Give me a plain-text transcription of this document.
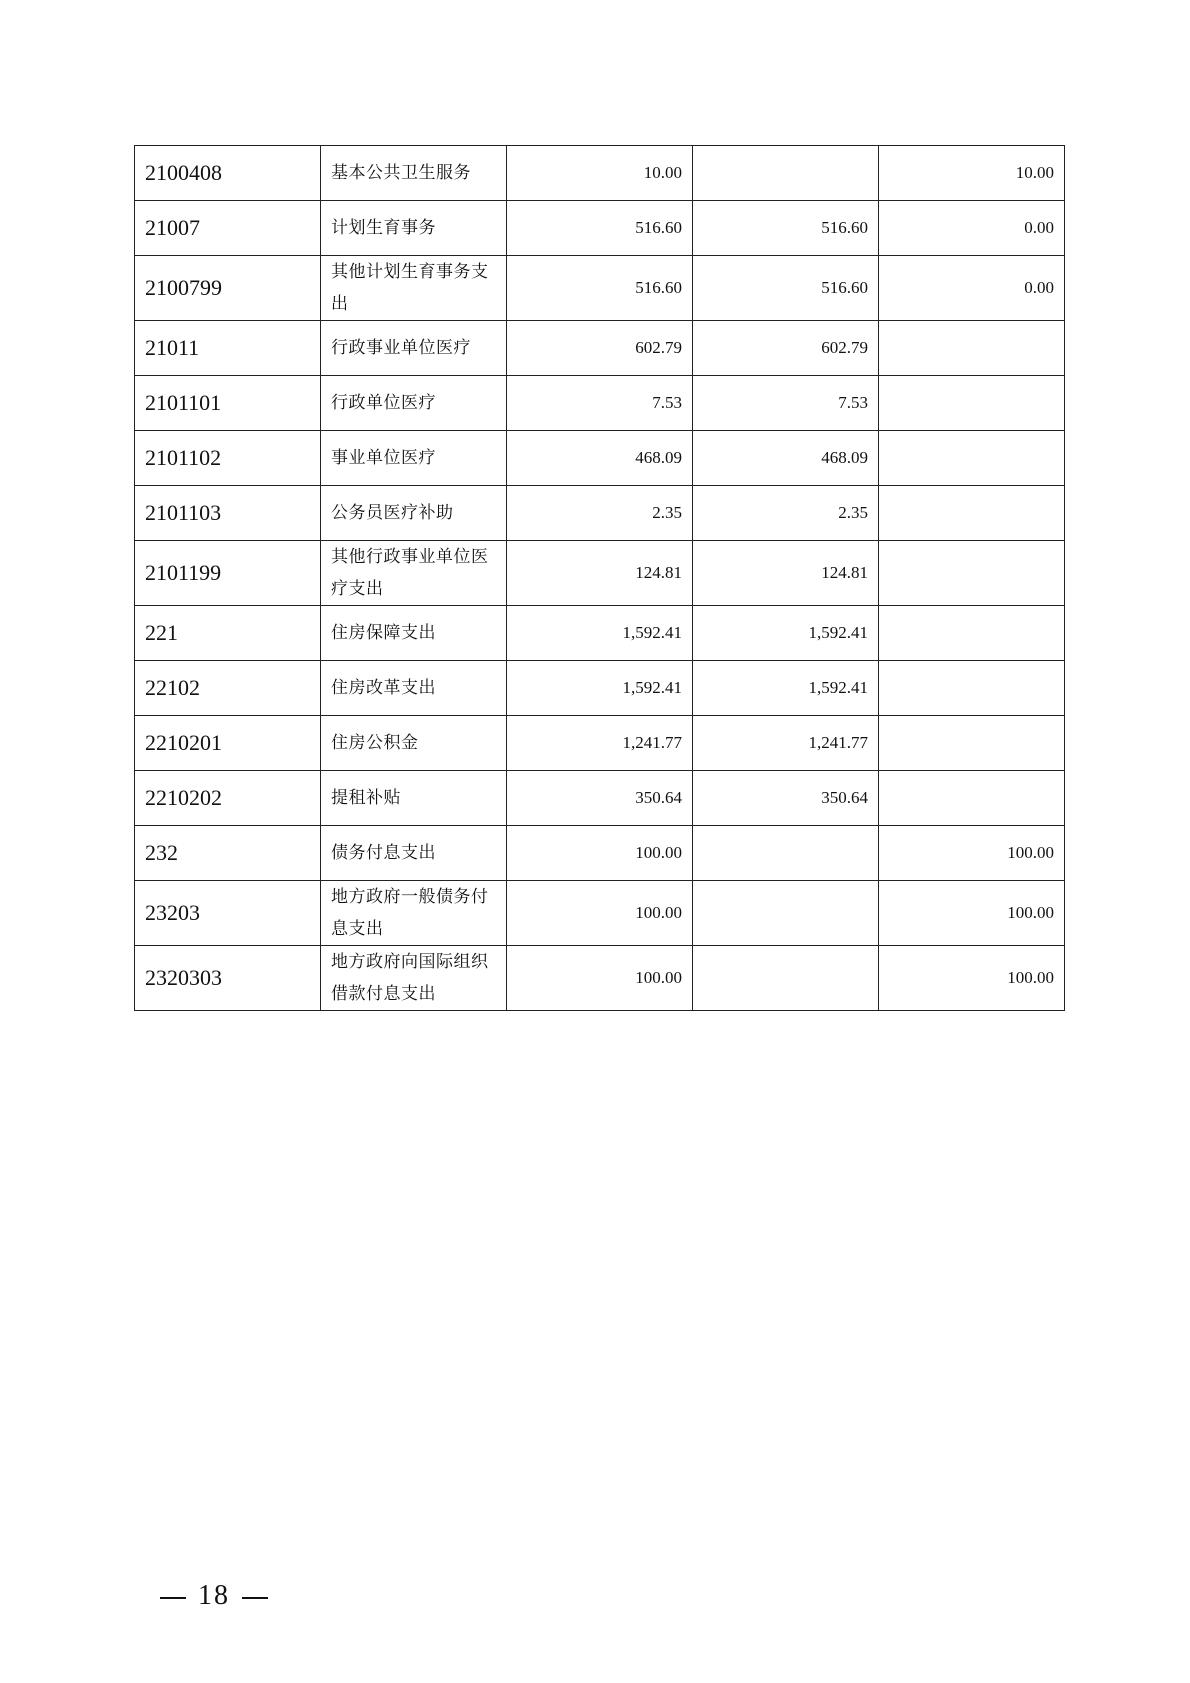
2100408	基本公共卫生服务	10.00		10.00
21007	计划生育事务	516.60	516.60	0.00
2100799	其他计划生育事务支出	516.60	516.60	0.00
21011	行政事业单位医疗	602.79	602.79	
2101101	行政单位医疗	7.53	7.53	
2101102	事业单位医疗	468.09	468.09	
2101103	公务员医疗补助	2.35	2.35	
2101199	其他行政事业单位医疗支出	124.81	124.81	
221	住房保障支出	1,592.41	1,592.41	
22102	住房改革支出	1,592.41	1,592.41	
2210201	住房公积金	1,241.77	1,241.77	
2210202	提租补贴	350.64	350.64	
232	债务付息支出	100.00		100.00
23203	地方政府一般债务付息支出	100.00		100.00
2320303	地方政府向国际组织借款付息支出	100.00		100.00
18
